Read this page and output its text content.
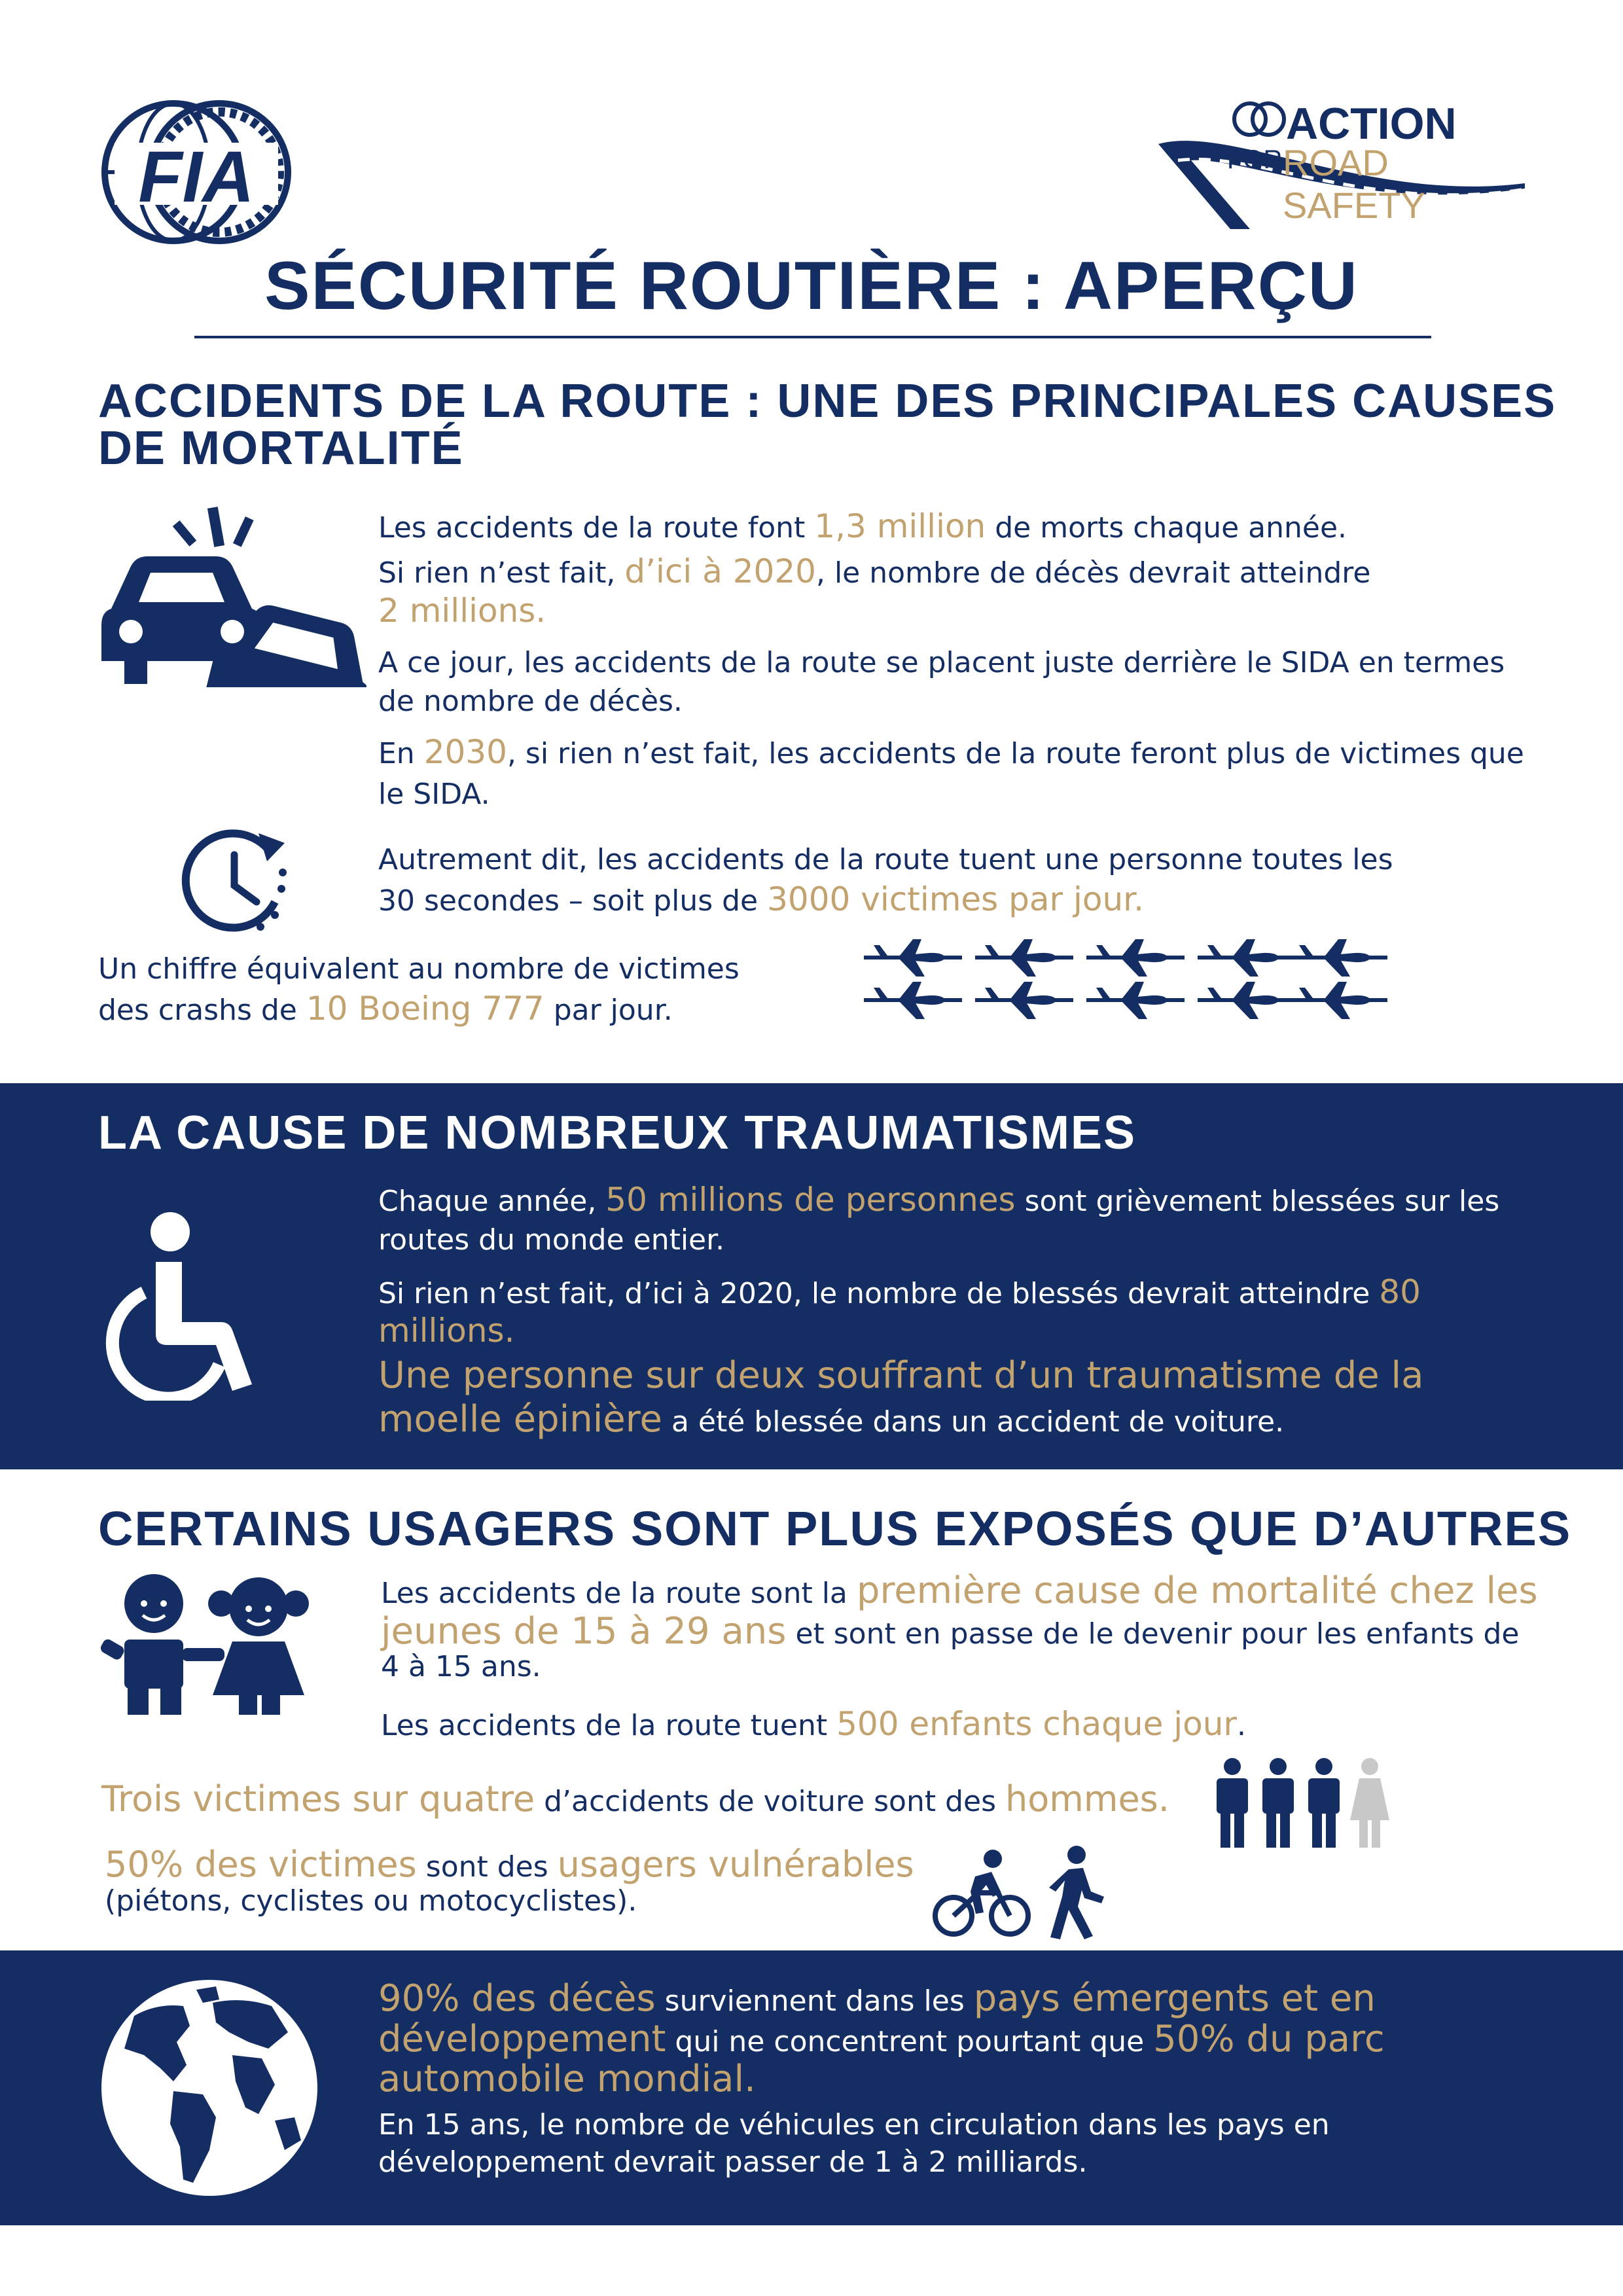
FIA
ACTION
FOR ROAD SAFETY
SÉCURITÉ ROUTIÈRE : APERÇU
ACCIDENTS DE LA ROUTE : UNE DES PRINCIPALES CAUSES
DE MORTALITÉ
Les accidents de la route font 1,3 million de morts chaque année.
Si rien n’est fait, d’ici à 2020, le nombre de décès devrait atteindre
2 millions.
A ce jour, les accidents de la route se placent juste derrière le SIDA en termes de nombre de décès.
En 2030, si rien n’est fait, les accidents de la route feront plus de victimes que le SIDA.
Autrement dit, les accidents de la route tuent une personne toutes les
30 secondes – soit plus de 3000 victimes par jour.
Un chiffre équivalent au nombre de victimes
des crashs de 10 Boeing 777 par jour.
LA CAUSE DE NOMBREUX TRAUMATISMES
Chaque année, 50 millions de personnes sont grièvement blessées sur les routes du monde entier.
Si rien n’est fait, d’ici à 2020, le nombre de blessés devrait atteindre 80 millions.
Une personne sur deux souffrant d’un traumatisme de la moelle épinière a été blessée dans un accident de voiture.
CERTAINS USAGERS SONT PLUS EXPOSÉS QUE D’AUTRES
Les accidents de la route sont la première cause de mortalité chez les jeunes de 15 à 29 ans et sont en passe de le devenir pour les enfants de 4 à 15 ans.
Les accidents de la route tuent 500 enfants chaque jour.
Trois victimes sur quatre d’accidents de voiture sont des hommes.
50% des victimes sont des usagers vulnérables
(piétons, cyclistes ou motocyclistes).
90% des décès surviennent dans les pays émergents et en développement qui ne concentrent pourtant que 50% du parc automobile mondial.
En 15 ans, le nombre de véhicules en circulation dans les pays en développement devrait passer de 1 à 2 milliards.
